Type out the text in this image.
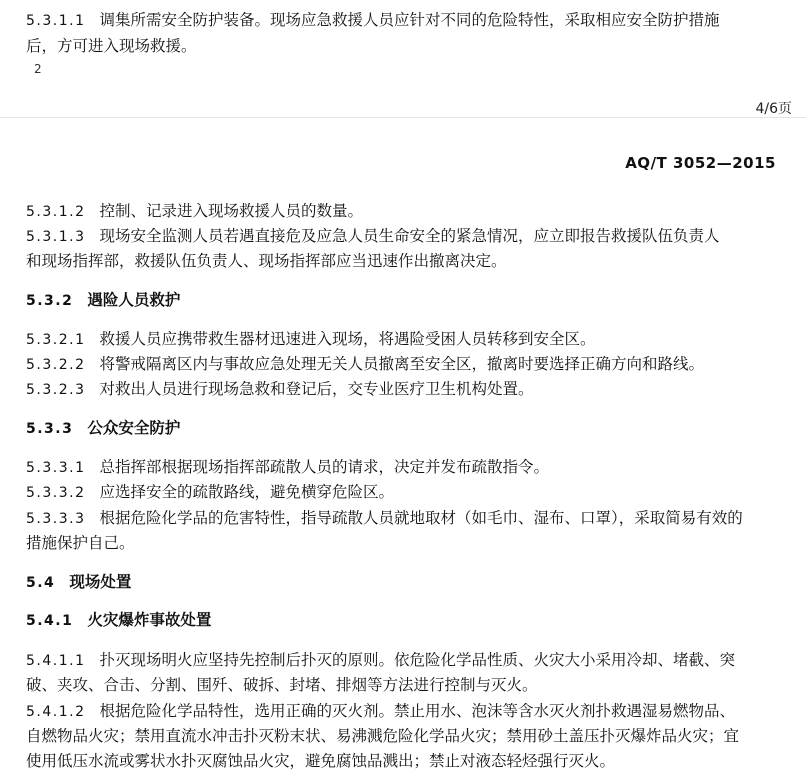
5.3.1.1 调集所需安全防护装备。现场应急救援人员应针对不同的危险特性，采取相应安全防护措施
后，方可进入现场救援。
2
4/6页
AQ/T 3052—2015
5.3.1.2 控制、记录进入现场救援人员的数量。
5.3.1.3 现场安全监测人员若遇直接危及应急人员生命安全的紧急情况，应立即报告救援队伍负责人
和现场指挥部，救援队伍负责人、现场指挥部应当迅速作出撤离决定。
5.3.2 遇险人员救护
5.3.2.1 救援人员应携带救生器材迅速进入现场，将遇险受困人员转移到安全区。
5.3.2.2 将警戒隔离区内与事故应急处理无关人员撤离至安全区，撤离时要选择正确方向和路线。
5.3.2.3 对救出人员进行现场急救和登记后，交专业医疗卫生机构处置。
5.3.3 公众安全防护
5.3.3.1 总指挥部根据现场指挥部疏散人员的请求，决定并发布疏散指令。
5.3.3.2 应选择安全的疏散路线，避免横穿危险区。
5.3.3.3 根据危险化学品的危害特性，指导疏散人员就地取材（如毛巾、湿布、口罩），采取简易有效的
措施保护自己。
5.4 现场处置
5.4.1 火灾爆炸事故处置
5.4.1.1 扑灭现场明火应坚持先控制后扑灭的原则。依危险化学品性质、火灾大小采用冷却、堵截、突
破、夹攻、合击、分割、围歼、破拆、封堵、排烟等方法进行控制与灭火。
5.4.1.2 根据危险化学品特性，选用正确的灭火剂。禁止用水、泡沫等含水灭火剂扑救遇湿易燃物品、
自燃物品火灾；禁用直流水冲击扑灭粉末状、易沸溅危险化学品火灾；禁用砂土盖压扑灭爆炸品火灾；宜
使用低压水流或雾状水扑灭腐蚀品火灾，避免腐蚀品溅出；禁止对液态轻烃强行灭火。
